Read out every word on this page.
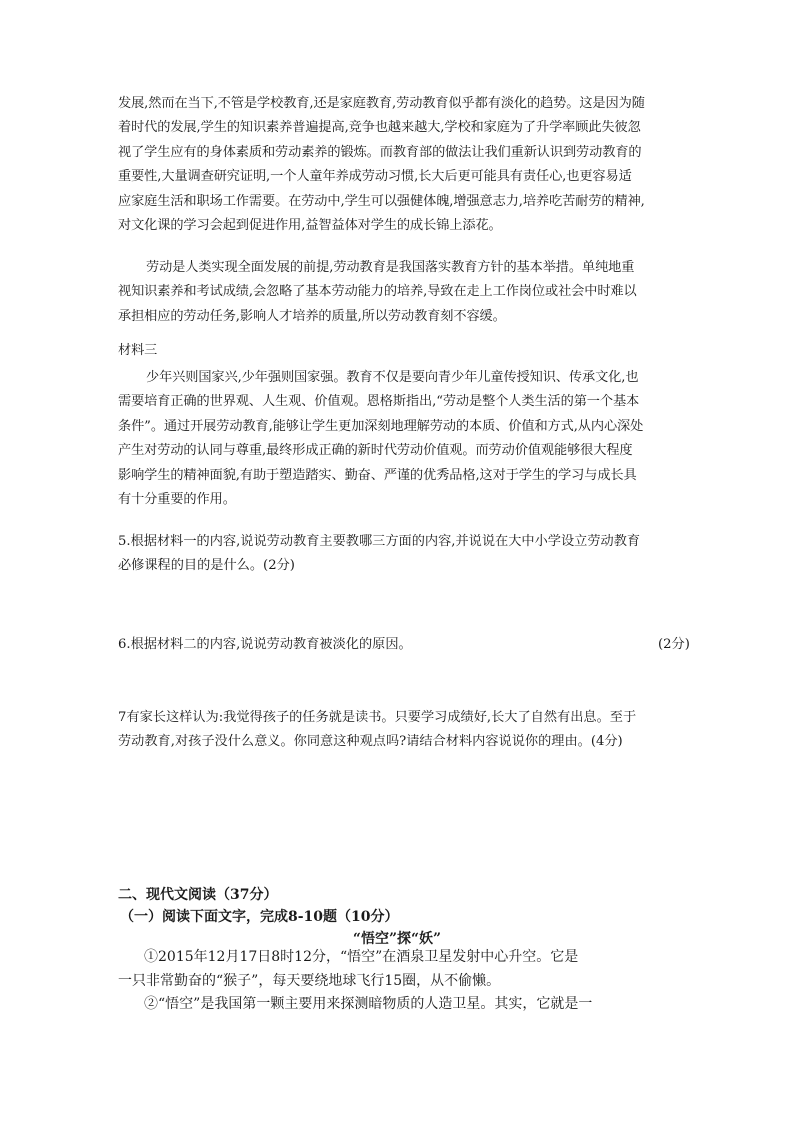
发展,然而在当下,不管是学校教育,还是家庭教育,劳动教育似乎都有淡化的趋势。这是因为随
着时代的发展,学生的知识素养普遍提高,竞争也越来越大,学校和家庭为了升学率顾此失彼忽
视了学生应有的身体素质和劳动素养的锻炼。而教育部的做法让我们重新认识到劳动教育的
重要性,大量调查研究证明,一个人童年养成劳动习惯,长大后更可能具有责任心,也更容易适
应家庭生活和职场工作需要。在劳动中,学生可以强健体魄,增强意志力,培养吃苦耐劳的精神,
对文化课的学习会起到促进作用,益智益体对学生的成长锦上添花。
劳动是人类实现全面发展的前提,劳动教育是我国落实教育方针的基本举措。单纯地重
视知识素养和考试成绩,会忽略了基本劳动能力的培养,导致在走上工作岗位或社会中时难以
承担相应的劳动任务,影响人才培养的质量,所以劳动教育刻不容缓。
材料三
少年兴则国家兴,少年强则国家强。教育不仅是要向青少年儿童传授知识、传承文化,也
需要培育正确的世界观、人生观、价值观。恩格斯指出,“劳动是整个人类生活的第一个基本
条件”。通过开展劳动教育,能够让学生更加深刻地理解劳动的本质、价值和方式,从内心深处
产生对劳动的认同与尊重,最终形成正确的新时代劳动价值观。而劳动价值观能够很大程度
影响学生的精神面貌,有助于塑造踏实、勤奋、严谨的优秀品格,这对于学生的学习与成长具
有十分重要的作用。
5.根据材料一的内容,说说劳动教育主要教哪三方面的内容,并说说在大中小学设立劳动教育
必修课程的目的是什么。(2分)
6.根据材料二的内容,说说劳动教育被淡化的原因。	(2分)
7有家长这样认为:我觉得孩子的任务就是读书。只要学习成绩好,长大了自然有出息。至于
劳动教育,对孩子没什么意义。你同意这种观点吗?请结合材料内容说说你的理由。(4分)
二、现代文阅读（37分）
（一）阅读下面文字，完成8-10题（10分）
“悟空”探“妖”
①2015年12月17日8时12分，“悟空”在酒泉卫星发射中心升空。它是
一只非常勤奋的“猴子”，每天要绕地球飞行15圈，从不偷懒。
②“悟空”是我国第一颗主要用来探测暗物质的人造卫星。其实，它就是一
